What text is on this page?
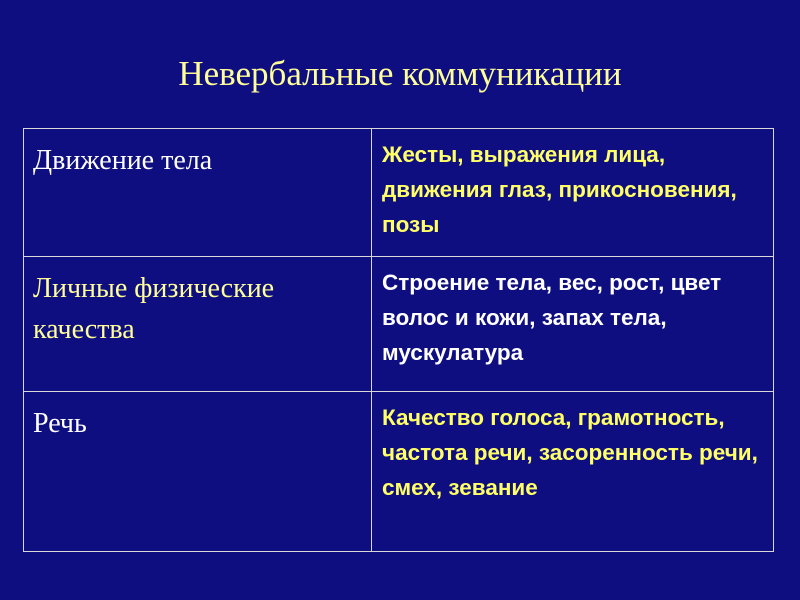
Невербальные коммуникации
Движение тела	Жесты, выражения лица, движения глаз, прикосновения, позы
Личные физические качества	Строение тела, вес, рост, цвет волос и кожи, запах тела, мускулатура
Речь	Качество голоса, грамотность, частота речи, засоренность речи, смех, зевание
